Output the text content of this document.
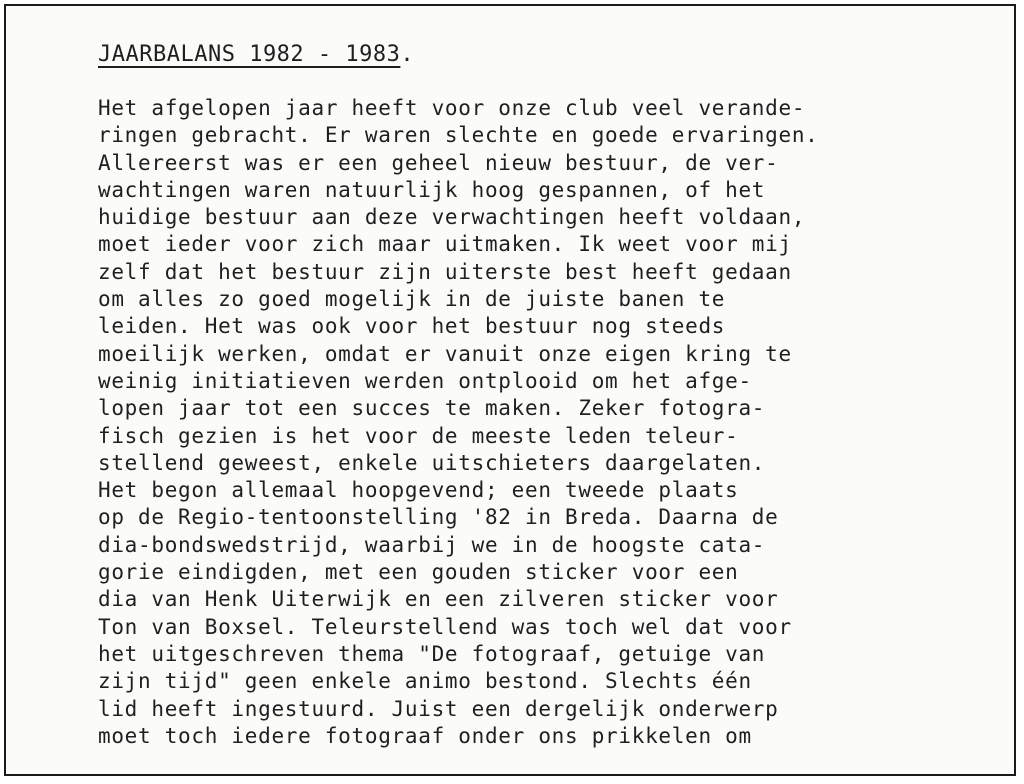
JAARBALANS 1982 - 1983.
Het afgelopen jaar heeft voor onze club veel verande-
ringen gebracht. Er waren slechte en goede ervaringen.
Allereerst was er een geheel nieuw bestuur, de ver-
wachtingen waren natuurlijk hoog gespannen, of het
huidige bestuur aan deze verwachtingen heeft voldaan,
moet ieder voor zich maar uitmaken. Ik weet voor mij
zelf dat het bestuur zijn uiterste best heeft gedaan
om alles zo goed mogelijk in de juiste banen te
leiden. Het was ook voor het bestuur nog steeds
moeilijk werken, omdat er vanuit onze eigen kring te
weinig initiatieven werden ontplooid om het afge-
lopen jaar tot een succes te maken. Zeker fotogra-
fisch gezien is het voor de meeste leden teleur-
stellend geweest, enkele uitschieters daargelaten.
Het begon allemaal hoopgevend; een tweede plaats
op de Regio-tentoonstelling '82 in Breda. Daarna de
dia-bondswedstrijd, waarbij we in de hoogste cata-
gorie eindigden, met een gouden sticker voor een
dia van Henk Uiterwijk en een zilveren sticker voor
Ton van Boxsel. Teleurstellend was toch wel dat voor
het uitgeschreven thema "De fotograaf, getuige van
zijn tijd" geen enkele animo bestond. Slechts één
lid heeft ingestuurd. Juist een dergelijk onderwerp
moet toch iedere fotograaf onder ons prikkelen om
